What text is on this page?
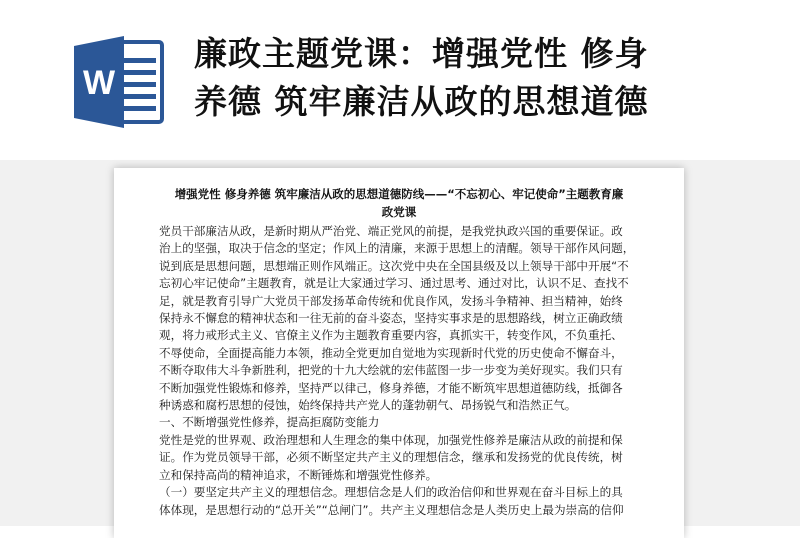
W
廉政主题党课：增强党性 修身
养德 筑牢廉洁从政的思想道德
增强党性 修身养德 筑牢廉洁从政的思想道德防线——“不忘初心、牢记使命”主题教育廉
政党课

党员干部廉洁从政，是新时期从严治党、端正党风的前提，是我党执政兴国的重要保证。政

治上的坚强，取决于信念的坚定；作风上的清廉，来源于思想上的清醒。领导干部作风问题，

说到底是思想问题，思想端正则作风端正。这次党中央在全国县级及以上领导干部中开展“不

忘初心牢记使命”主题教育，就是让大家通过学习、通过思考、通过对比，认识不足、查找不

足，就是教育引导广大党员干部发扬革命传统和优良作风，发扬斗争精神、担当精神，始终

保持永不懈怠的精神状态和一往无前的奋斗姿态，坚持实事求是的思想路线，树立正确政绩

观，将力戒形式主义、官僚主义作为主题教育重要内容，真抓实干，转变作风，不负重托、

不辱使命，全面提高能力本领，推动全党更加自觉地为实现新时代党的历史使命不懈奋斗，

不断夺取伟大斗争新胜利，把党的十九大绘就的宏伟蓝图一步一步变为美好现实。我们只有

不断加强党性锻炼和修养，坚持严以律己，修身养德，才能不断筑牢思想道德防线，抵御各

种诱惑和腐朽思想的侵蚀，始终保持共产党人的蓬勃朝气、昂扬锐气和浩然正气。

一、不断增强党性修养，提高拒腐防变能力

党性是党的世界观、政治理想和人生理念的集中体现，加强党性修养是廉洁从政的前提和保

证。作为党员领导干部，必须不断坚定共产主义的理想信念，继承和发扬党的优良传统，树

立和保持高尚的精神追求，不断锤炼和增强党性修养。

（一）要坚定共产主义的理想信念。理想信念是人们的政治信仰和世界观在奋斗目标上的具

体体现，是思想行动的“总开关”“总闸门”。共产主义理想信念是人类历史上最为崇高的信仰
